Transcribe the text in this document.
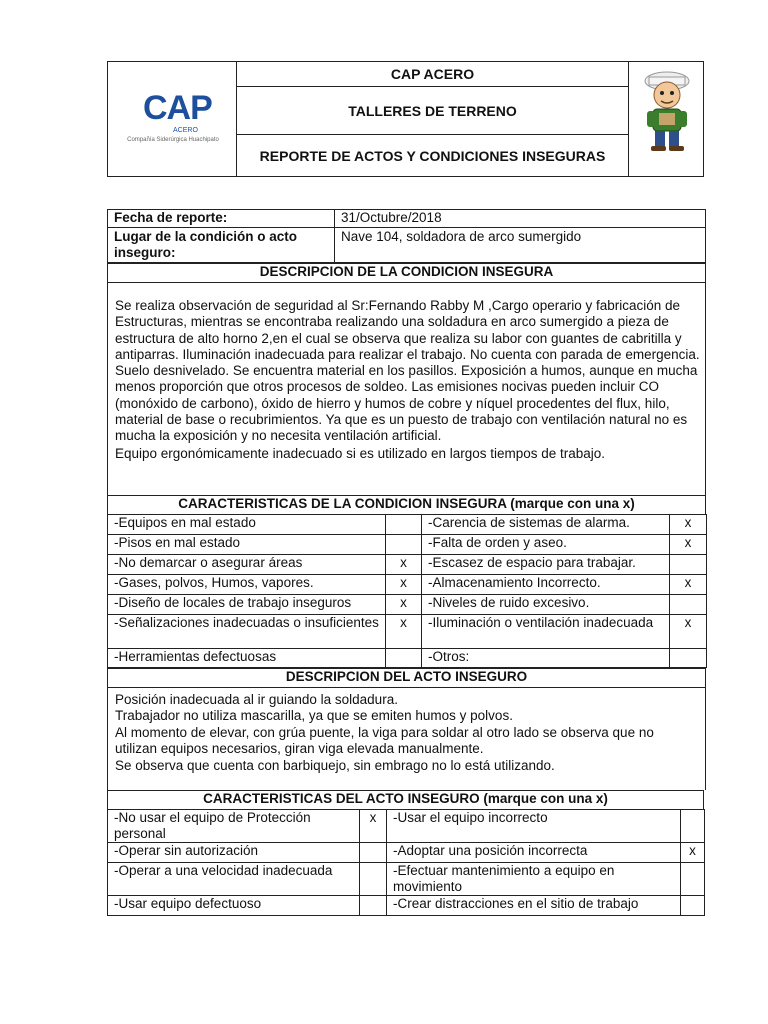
CAP
ACERO
Compañía Siderúrgica Huachipato
CAP ACERO
TALLERES DE TERRENO
REPORTE DE ACTOS Y CONDICIONES INSEGURAS
Fecha de reporte:	31/Octubre/2018
Lugar de la condición o acto inseguro:
Nave 104, soldadora de arco sumergido
DESCRIPCION DE LA CONDICION INSEGURA
Se realiza observación de seguridad al Sr:Fernando Rabby M ,Cargo operario y fabricación de Estructuras, mientras se encontraba realizando una soldadura en arco sumergido a pieza de estructura de alto horno 2,en el cual se observa que realiza su labor con guantes de cabritilla y antiparras. Iluminación inadecuada para realizar el trabajo. No cuenta con parada de emergencia. Suelo desnivelado. Se encuentra material en los pasillos. Exposición a humos, aunque en mucha menos proporción que otros procesos de soldeo. Las emisiones nocivas pueden incluir CO (monóxido de carbono), óxido de hierro y humos de cobre y níquel procedentes del flux, hilo, material de base o recubrimientos. Ya que es un puesto de trabajo con ventilación natural no es mucha la exposición y no necesita ventilación artificial.
Equipo ergonómicamente inadecuado si es utilizado en largos tiempos de trabajo.
CARACTERISTICAS DE LA CONDICION INSEGURA (marque con una x)
-Equipos en mal estado		-Carencia de sistemas de alarma.	x
-Pisos en mal estado		-Falta de orden y aseo.	x
-No demarcar o asegurar áreas	x	-Escasez de espacio para trabajar.	
-Gases, polvos, Humos, vapores.	x	-Almacenamiento Incorrecto.	x
-Diseño de locales de trabajo inseguros	x	-Niveles de ruido excesivo.	
-Señalizaciones inadecuadas o insuficientes	x	-Iluminación o ventilación inadecuada	x
-Herramientas defectuosas		-Otros:	
DESCRIPCION DEL ACTO INSEGURO
Posición inadecuada al ir guiando la soldadura.
Trabajador no utiliza mascarilla, ya que se emiten humos y polvos.
Al momento de elevar, con grúa puente, la viga para soldar al otro lado se observa que no utilizan equipos necesarios, giran viga elevada manualmente.
Se observa que cuenta con barbiquejo, sin embrago no lo está utilizando.
CARACTERISTICAS DEL ACTO INSEGURO (marque con una x)
-No usar el equipo de Protección personal	x	-Usar el equipo incorrecto	
-Operar sin autorización		-Adoptar una posición incorrecta	x
-Operar a una velocidad inadecuada		-Efectuar mantenimiento a equipo en movimiento	
-Usar equipo defectuoso		-Crear distracciones en el sitio de trabajo	
